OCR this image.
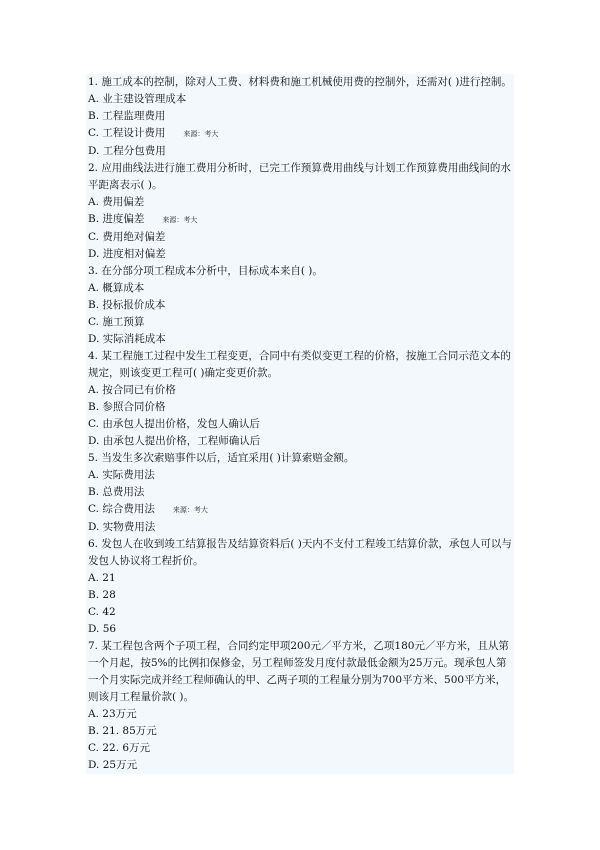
1. 施工成本的控制，除对人工费、材料费和施工机械使用费的控制外，还需对( )进行控制。
A. 业主建设管理成本
B. 工程监理费用
C. 工程设计费用	来源：考大
D. 工程分包费用
2. 应用曲线法进行施工费用分析时，已完工作预算费用曲线与计划工作预算费用曲线间的水平距离表示( )。
A. 费用偏差
B. 进度偏差	来源：考大
C. 费用绝对偏差
D. 进度相对偏差
3. 在分部分项工程成本分析中，目标成本来自( )。
A. 概算成本
B. 投标报价成本
C. 施工预算
D. 实际消耗成本
4. 某工程施工过程中发生工程变更，合同中有类似变更工程的价格，按施工合同示范文本的规定，则该变更工程可( )确定变更价款。
A. 按合同已有价格
B. 参照合同价格
C. 由承包人提出价格，发包人确认后
D. 由承包人提出价格，工程师确认后
5. 当发生多次索赔事件以后，适宜采用( )计算索赔金额。
A. 实际费用法
B. 总费用法
C. 综合费用法	来源：考大
D. 实物费用法
6. 发包人在收到竣工结算报告及结算资料后( )天内不支付工程竣工结算价款，承包人可以与发包人协议将工程折价。
A. 21
B. 28
C. 42
D. 56
7. 某工程包含两个子项工程，合同约定甲项200元／平方米，乙项180元／平方米，且从第一个月起，按5%的比例扣保修金，另工程师签发月度付款最低金额为25万元。现承包人第一个月实际完成并经工程师确认的甲、乙两子项的工程量分别为700平方米、500平方米，则该月工程量价款( )。
A. 23万元
B. 21. 85万元
C. 22. 6万元
D. 25万元
